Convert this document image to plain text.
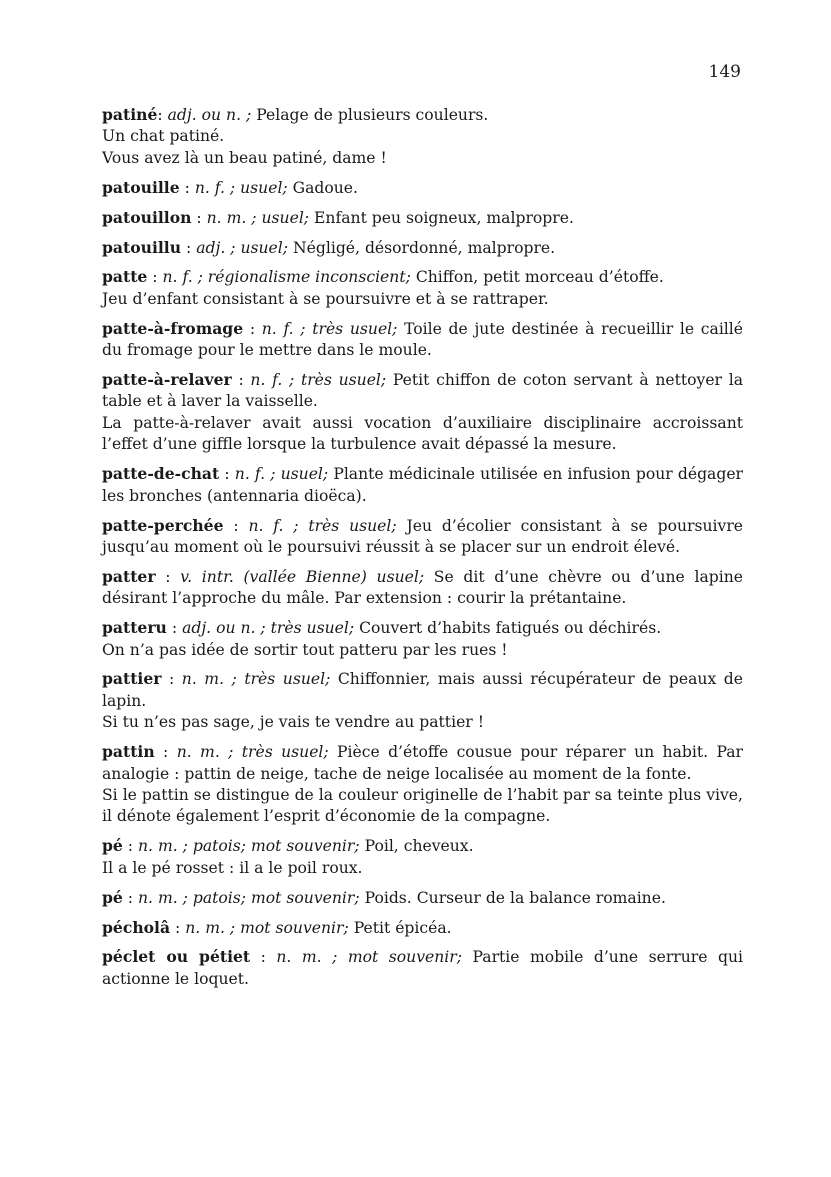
149
patiné: adj. ou n. ; Pelage de plusieurs couleurs.
Un chat patiné.
Vous avez là un beau patiné, dame !
patouille : n. f. ; usuel; Gadoue.
patouillon : n. m. ; usuel; Enfant peu soigneux, malpropre.
patouillu : adj. ; usuel; Négligé, désordonné, malpropre.
patte : n. f. ; régionalisme inconscient; Chiffon, petit morceau d’étoffe.
Jeu d’enfant consistant à se poursuivre et à se rattraper.
patte-à-fromage : n. f. ; très usuel; Toile de jute destinée à recueillir le caillé du fromage pour le mettre dans le moule.
patte-à-relaver : n. f. ; très usuel; Petit chiffon de coton servant à nettoyer la table et à laver la vaisselle.
La patte-à-relaver avait aussi vocation d’auxiliaire disciplinaire accroissant l’effet d’une giffle lorsque la turbulence avait dépassé la mesure.
patte-de-chat : n. f. ; usuel; Plante médicinale utilisée en infusion pour dégager les bronches (antennaria dioëca).
patte-perchée : n. f. ; très usuel; Jeu d’écolier consistant à se poursuivre jusqu’au moment où le poursuivi réussit à se placer sur un endroit élevé.
patter : v. intr. (vallée Bienne) usuel; Se dit d’une chèvre ou d’une lapine désirant l’approche du mâle. Par extension : courir la prétantaine.
patteru : adj. ou n. ; très usuel; Couvert d’habits fatigués ou déchirés.
On n’a pas idée de sortir tout patteru par les rues !
pattier : n. m. ; très usuel; Chiffonnier, mais aussi récupérateur de peaux de lapin.
Si tu n’es pas sage, je vais te vendre au pattier !
pattin : n. m. ; très usuel; Pièce d’étoffe cousue pour réparer un habit. Par analogie : pattin de neige, tache de neige localisée au moment de la fonte.
Si le pattin se distingue de la couleur originelle de l’habit par sa teinte plus vive, il dénote également l’esprit d’économie de la compagne.
pé : n. m. ; patois; mot souvenir; Poil, cheveux.
Il a le pé rosset : il a le poil roux.
pé : n. m. ; patois; mot souvenir; Poids. Curseur de la balance romaine.
pécholâ : n. m. ; mot souvenir; Petit épicéa.
péclet ou pétiet : n. m. ; mot souvenir; Partie mobile d’une serrure qui actionne le loquet.
